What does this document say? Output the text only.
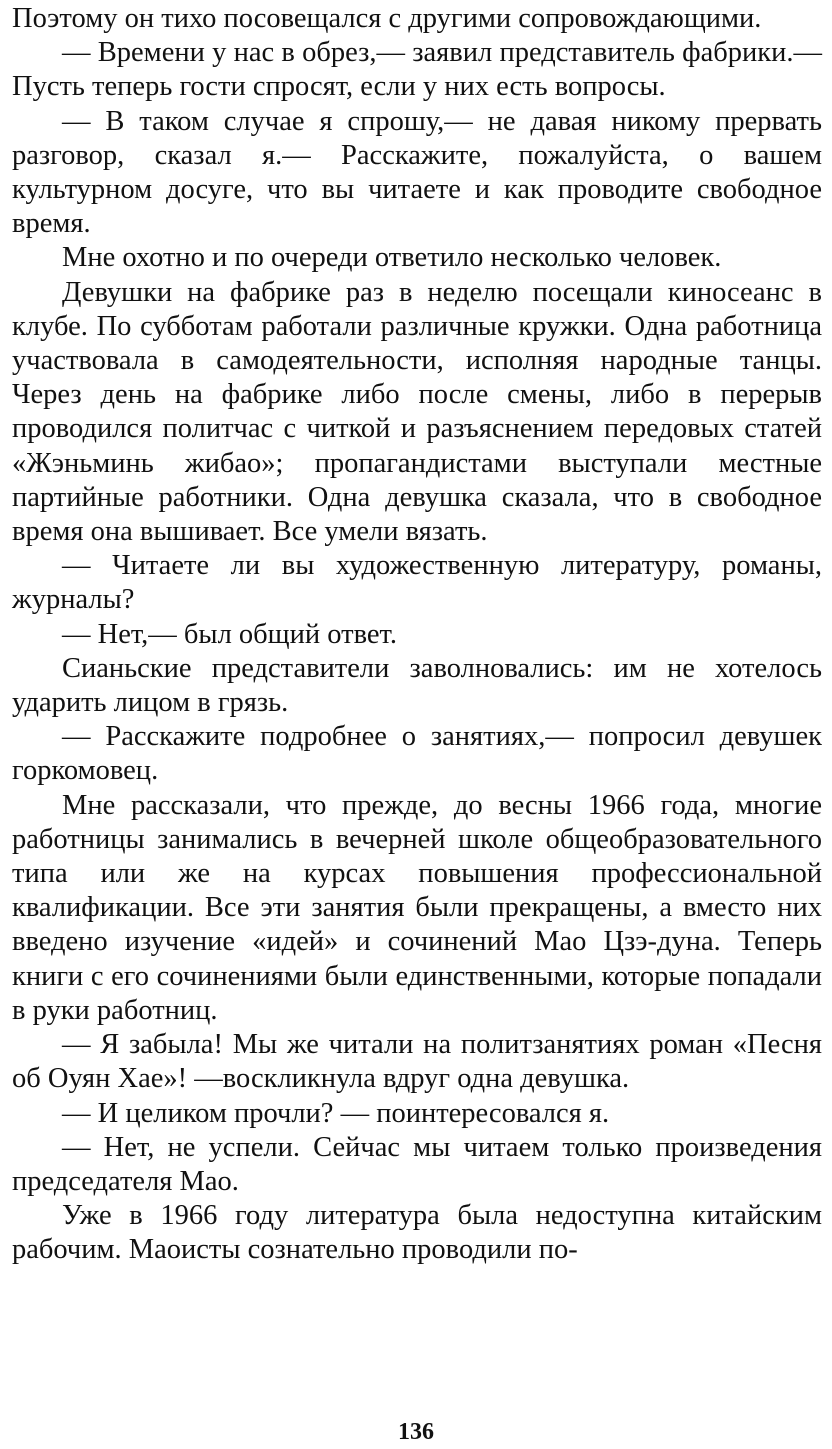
Поэтому он тихо посовещался с другими сопровождающими.

— Времени у нас в обрез,— заявил представитель фабрики.— Пусть теперь гости спросят, если у них есть вопросы.

— В таком случае я спрошу,— не давая никому прервать разговор, сказал я.— Расскажите, пожалуйста, о вашем культурном досуге, что вы читаете и как проводите свободное время.

Мне охотно и по очереди ответило несколько человек.

Девушки на фабрике раз в неделю посещали киносеанс в клубе. По субботам работали различные кружки. Одна работница участвовала в самодеятельности, исполняя народные танцы. Через день на фабрике либо после смены, либо в перерыв проводился политчас с читкой и разъяснением передовых статей «Жэньминь жибао»; пропагандистами выступали местные партийные работники. Одна девушка сказала, что в свободное время она вышивает. Все умели вязать.

— Читаете ли вы художественную литературу, романы, журналы?

— Нет,— был общий ответ.

Сианьские представители заволновались: им не хотелось ударить лицом в грязь.

— Расскажите подробнее о занятиях,— попросил девушек горкомовец.

Мне рассказали, что прежде, до весны 1966 года, многие работницы занимались в вечерней школе общеобразовательного типа или же на курсах повышения профессиональной квалификации. Все эти занятия были прекращены, а вместо них введено изучение «идей» и сочинений Мао Цзэ-дуна. Теперь книги с его сочинениями были единственными, которые попадали в руки работниц.

— Я забыла! Мы же читали на политзанятиях роман «Песня об Оуян Хае»! —воскликнула вдруг одна девушка.

— И целиком прочли? — поинтересовался я.

— Нет, не успели. Сейчас мы читаем только произведения председателя Мао.

Уже в 1966 году литература была недоступна китайским рабочим. Маоисты сознательно проводили по-

136
